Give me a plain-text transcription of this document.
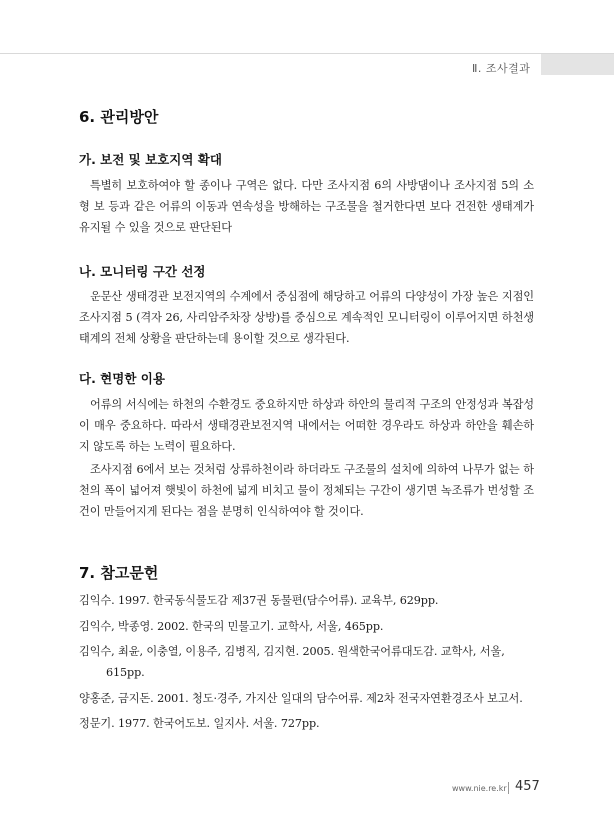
Ⅱ. 조사결과
6. 관리방안
가. 보전 및 보호지역 확대

특별히 보호하여야 할 종이나 구역은 없다. 다만 조사지점 6의 사방댐이나 조사지점 5의 소형 보 등과 같은 어류의 이동과 연속성을 방해하는 구조물을 철거한다면 보다 건전한 생태계가 유지될 수 있을 것으로 판단된다

나. 모니터링 구간 선정

운문산 생태경관 보전지역의 수계에서 중심점에 해당하고 어류의 다양성이 가장 높은 지점인 조사지점 5 (격자 26, 사리암주차장 상방)를 중심으로 계속적인 모니터링이 이루어지면 하천생태계의 전체 상황을 판단하는데 용이할 것으로 생각된다.

다. 현명한 이용

어류의 서식에는 하천의 수환경도 중요하지만 하상과 하안의 물리적 구조의 안정성과 복잡성이 매우 중요하다. 따라서 생태경관보전지역 내에서는 어떠한 경우라도 하상과 하안을 훼손하지 않도록 하는 노력이 필요하다.

조사지점 6에서 보는 것처럼 상류하천이라 하더라도 구조물의 설치에 의하여 나무가 없는 하천의 폭이 넓어져 햇빛이 하천에 넓게 비치고 물이 정체되는 구간이 생기면 녹조류가 번성할 조건이 만들어지게 된다는 점을 분명히 인식하여야 할 것이다.

7. 참고문헌
김익수. 1997. 한국동식물도감 제37권 동물편(담수어류). 교육부, 629pp.
김익수, 박종영. 2002. 한국의 민물고기. 교학사, 서울, 465pp.
김익수, 최윤, 이충열, 이용주, 김병직, 김지현. 2005. 원색한국어류대도감. 교학사, 서울, 615pp.
양홍준, 금지돈. 2001. 청도·경주, 가지산 일대의 담수어류. 제2차 전국자연환경조사 보고서.
정문기. 1977. 한국어도보. 일지사. 서울. 727pp.
www.nie.re.kr 457
